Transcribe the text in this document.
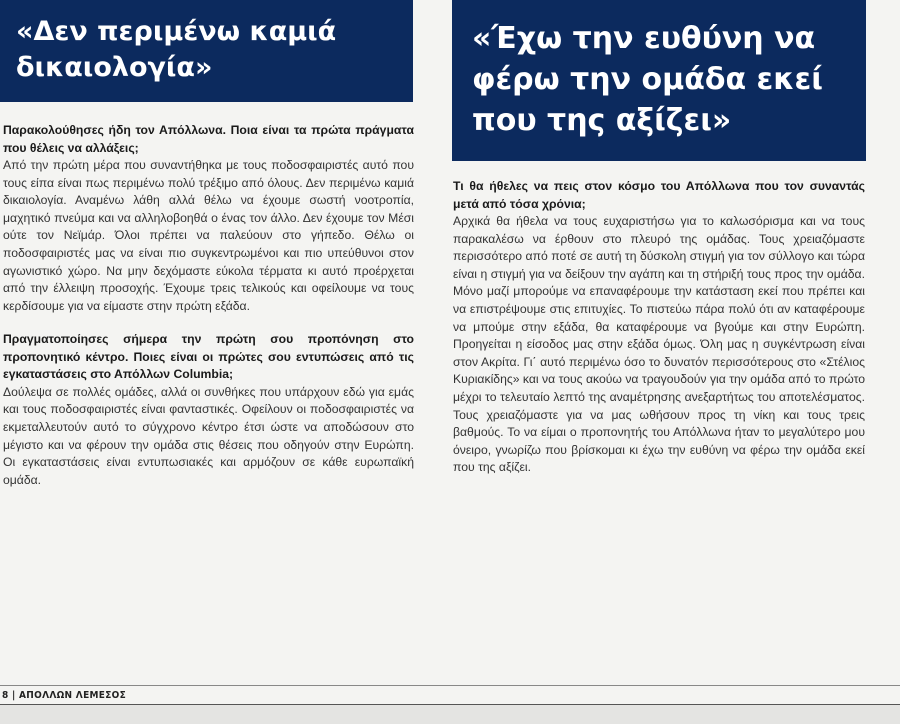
«Δεν περιμένω καμιά δικαιολογία»

Παρακολούθησες ήδη τον Απόλλωνα. Ποια είναι τα πρώτα πράγματα που θέλεις να αλλάξεις;

Από την πρώτη μέρα που συναντήθηκα με τους ποδοσφαιριστές αυτό που τους είπα είναι πως περιμένω πολύ τρέξιμο από όλους. Δεν περιμένω καμιά δικαιολογία. Αναμένω λάθη αλλά θέλω να έχουμε σωστή νοοτροπία, μαχητικό πνεύμα και να αλληλοβοηθά ο ένας τον άλλο. Δεν έχουμε τον Μέσι ούτε τον Νεϊμάρ. Όλοι πρέπει να παλεύουν στο γήπεδο. Θέλω οι ποδοσφαιριστές μας να είναι πιο συγκεντρωμένοι και πιο υπεύθυνοι στον αγωνιστικό χώρο. Να μην δεχόμαστε εύκολα τέρματα κι αυτό προέρχεται από την έλλειψη προσοχής. Έχουμε τρεις τελικούς και οφείλουμε να τους κερδίσουμε για να είμαστε στην πρώτη εξάδα.

Πραγματοποίησες σήμερα την πρώτη σου προπόνηση στο προπονητικό κέντρο. Ποιες είναι οι πρώτες σου εντυπώσεις από τις εγκαταστάσεις στο Απόλλων Columbia;

Δούλεψα σε πολλές ομάδες, αλλά οι συνθήκες που υπάρχουν εδώ για εμάς και τους ποδοσφαιριστές είναι φανταστικές. Οφείλουν οι ποδοσφαιριστές να εκμεταλλευτούν αυτό το σύγχρονο κέντρο έτσι ώστε να αποδώσουν στο μέγιστο και να φέρουν την ομάδα στις θέσεις που οδηγούν στην Ευρώπη. Οι εγκαταστάσεις είναι εντυπωσιακές και αρμόζουν σε κάθε ευρωπαϊκή ομάδα.

«Έχω την ευθύνη να φέρω την ομάδα εκεί που της αξίζει»

Τι θα ήθελες να πεις στον κόσμο του Απόλλωνα που τον συναντάς μετά από τόσα χρόνια;

Αρχικά θα ήθελα να τους ευχαριστήσω για το καλωσόρισμα και να τους παρακαλέσω να έρθουν στο πλευρό της ομάδας. Τους χρειαζόμαστε περισσότερο από ποτέ σε αυτή τη δύσκολη στιγμή για τον σύλλογο και τώρα είναι η στιγμή για να δείξουν την αγάπη και τη στήριξή τους προς την ομάδα. Μόνο μαζί μπορούμε να επαναφέρουμε την κατάσταση εκεί που πρέπει και να επιστρέψουμε στις επιτυχίες. Το πιστεύω πάρα πολύ ότι αν καταφέρουμε να μπούμε στην εξάδα, θα καταφέρουμε να βγούμε και στην Ευρώπη. Προηγείται η είσοδος μας στην εξάδα όμως. Όλη μας η συγκέντρωση είναι στον Ακρίτα. Γι΄ αυτό περιμένω όσο το δυνατόν περισσότερους στο «Στέλιος Κυριακίδης» και να τους ακούω να τραγουδούν για την ομάδα από το πρώτο μέχρι το τελευταίο λεπτό της αναμέτρησης ανεξαρτήτως του αποτελέσματος. Τους χρειαζόμαστε για να μας ωθήσουν προς τη νίκη και τους τρεις βαθμούς. Το να είμαι ο προπονητής του Απόλλωνα ήταν το μεγαλύτερο μου όνειρο, γνωρίζω που βρίσκομαι κι έχω την ευθύνη να φέρω την ομάδα εκεί που της αξίζει.

8 | ΑΠΟΛΛΩΝ ΛΕΜΕΣΟΣ
